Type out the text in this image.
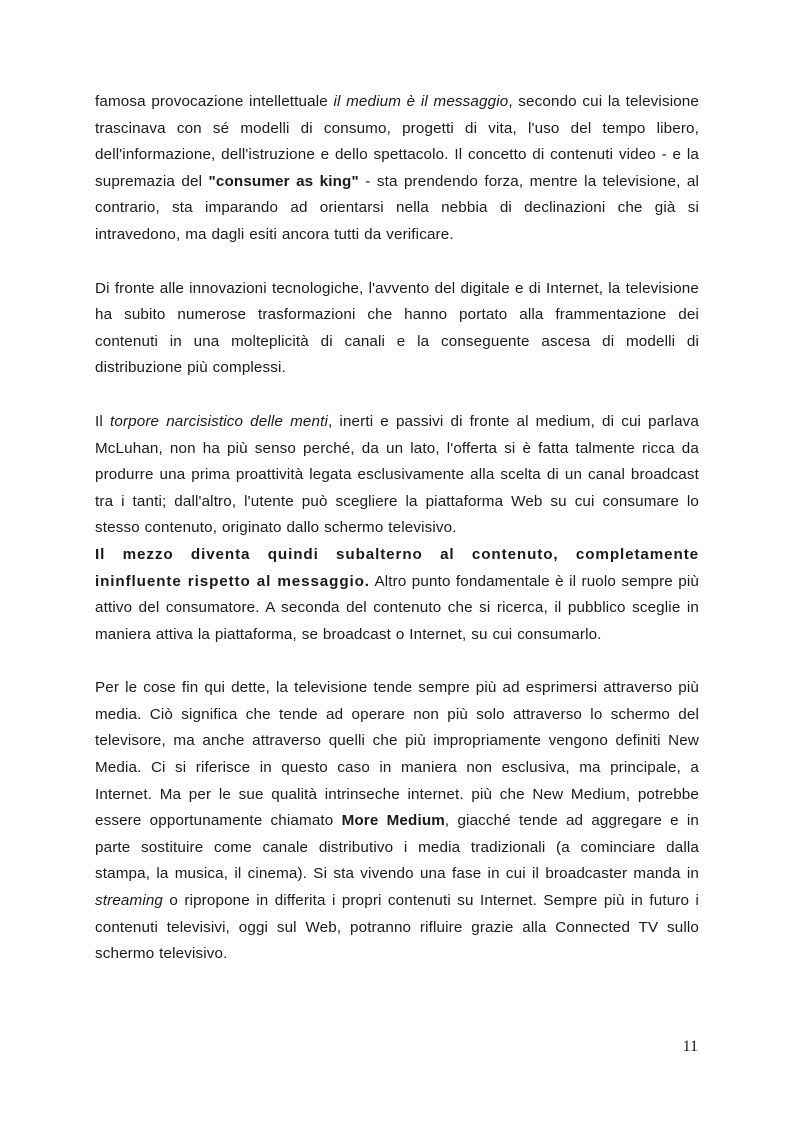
famosa provocazione intellettuale il medium è il messaggio, secondo cui la televisione trascinava con sé modelli di consumo, progetti di vita, l'uso del tempo libero, dell'informazione, dell'istruzione e dello spettacolo. Il concetto di contenuti video - e la supremazia del "consumer as king" - sta prendendo forza, mentre la televisione, al contrario, sta imparando ad orientarsi nella nebbia di declinazioni che già si intravedono, ma dagli esiti ancora tutti da verificare.

Di fronte alle innovazioni tecnologiche, l'avvento del digitale e di Internet, la televisione ha subito numerose trasformazioni che hanno portato alla frammentazione dei contenuti in una molteplicità di canali e la conseguente ascesa di modelli di distribuzione più complessi.

Il torpore narcisistico delle menti, inerti e passivi di fronte al medium, di cui parlava McLuhan, non ha più senso perché, da un lato, l'offerta si è fatta talmente ricca da produrre una prima proattività legata esclusivamente alla scelta di un canal broadcast tra i tanti; dall'altro, l'utente può scegliere la piattaforma Web su cui consumare lo stesso contenuto, originato dallo schermo televisivo.

Il mezzo diventa quindi subalterno al contenuto, completamente ininfluente rispetto al messaggio. Altro punto fondamentale è il ruolo sempre più attivo del consumatore. A seconda del contenuto che si ricerca, il pubblico sceglie in maniera attiva la piattaforma, se broadcast o Internet, su cui consumarlo.

Per le cose fin qui dette, la televisione tende sempre più ad esprimersi attraverso più media. Ciò significa che tende ad operare non più solo attraverso lo schermo del televisore, ma anche attraverso quelli che più impropriamente vengono definiti New Media. Ci si riferisce in questo caso in maniera non esclusiva, ma principale, a Internet. Ma per le sue qualità intrinseche internet. più che New Medium, potrebbe essere opportunamente chiamato More Medium, giacché tende ad aggregare e in parte sostituire come canale distributivo i media tradizionali (a cominciare dalla stampa, la musica, il cinema). Si sta vivendo una fase in cui il broadcaster manda in streaming o ripropone in differita i propri contenuti su Internet. Sempre più in futuro i contenuti televisivi, oggi sul Web, potranno rifluire grazie alla Connected TV sullo schermo televisivo.

11
